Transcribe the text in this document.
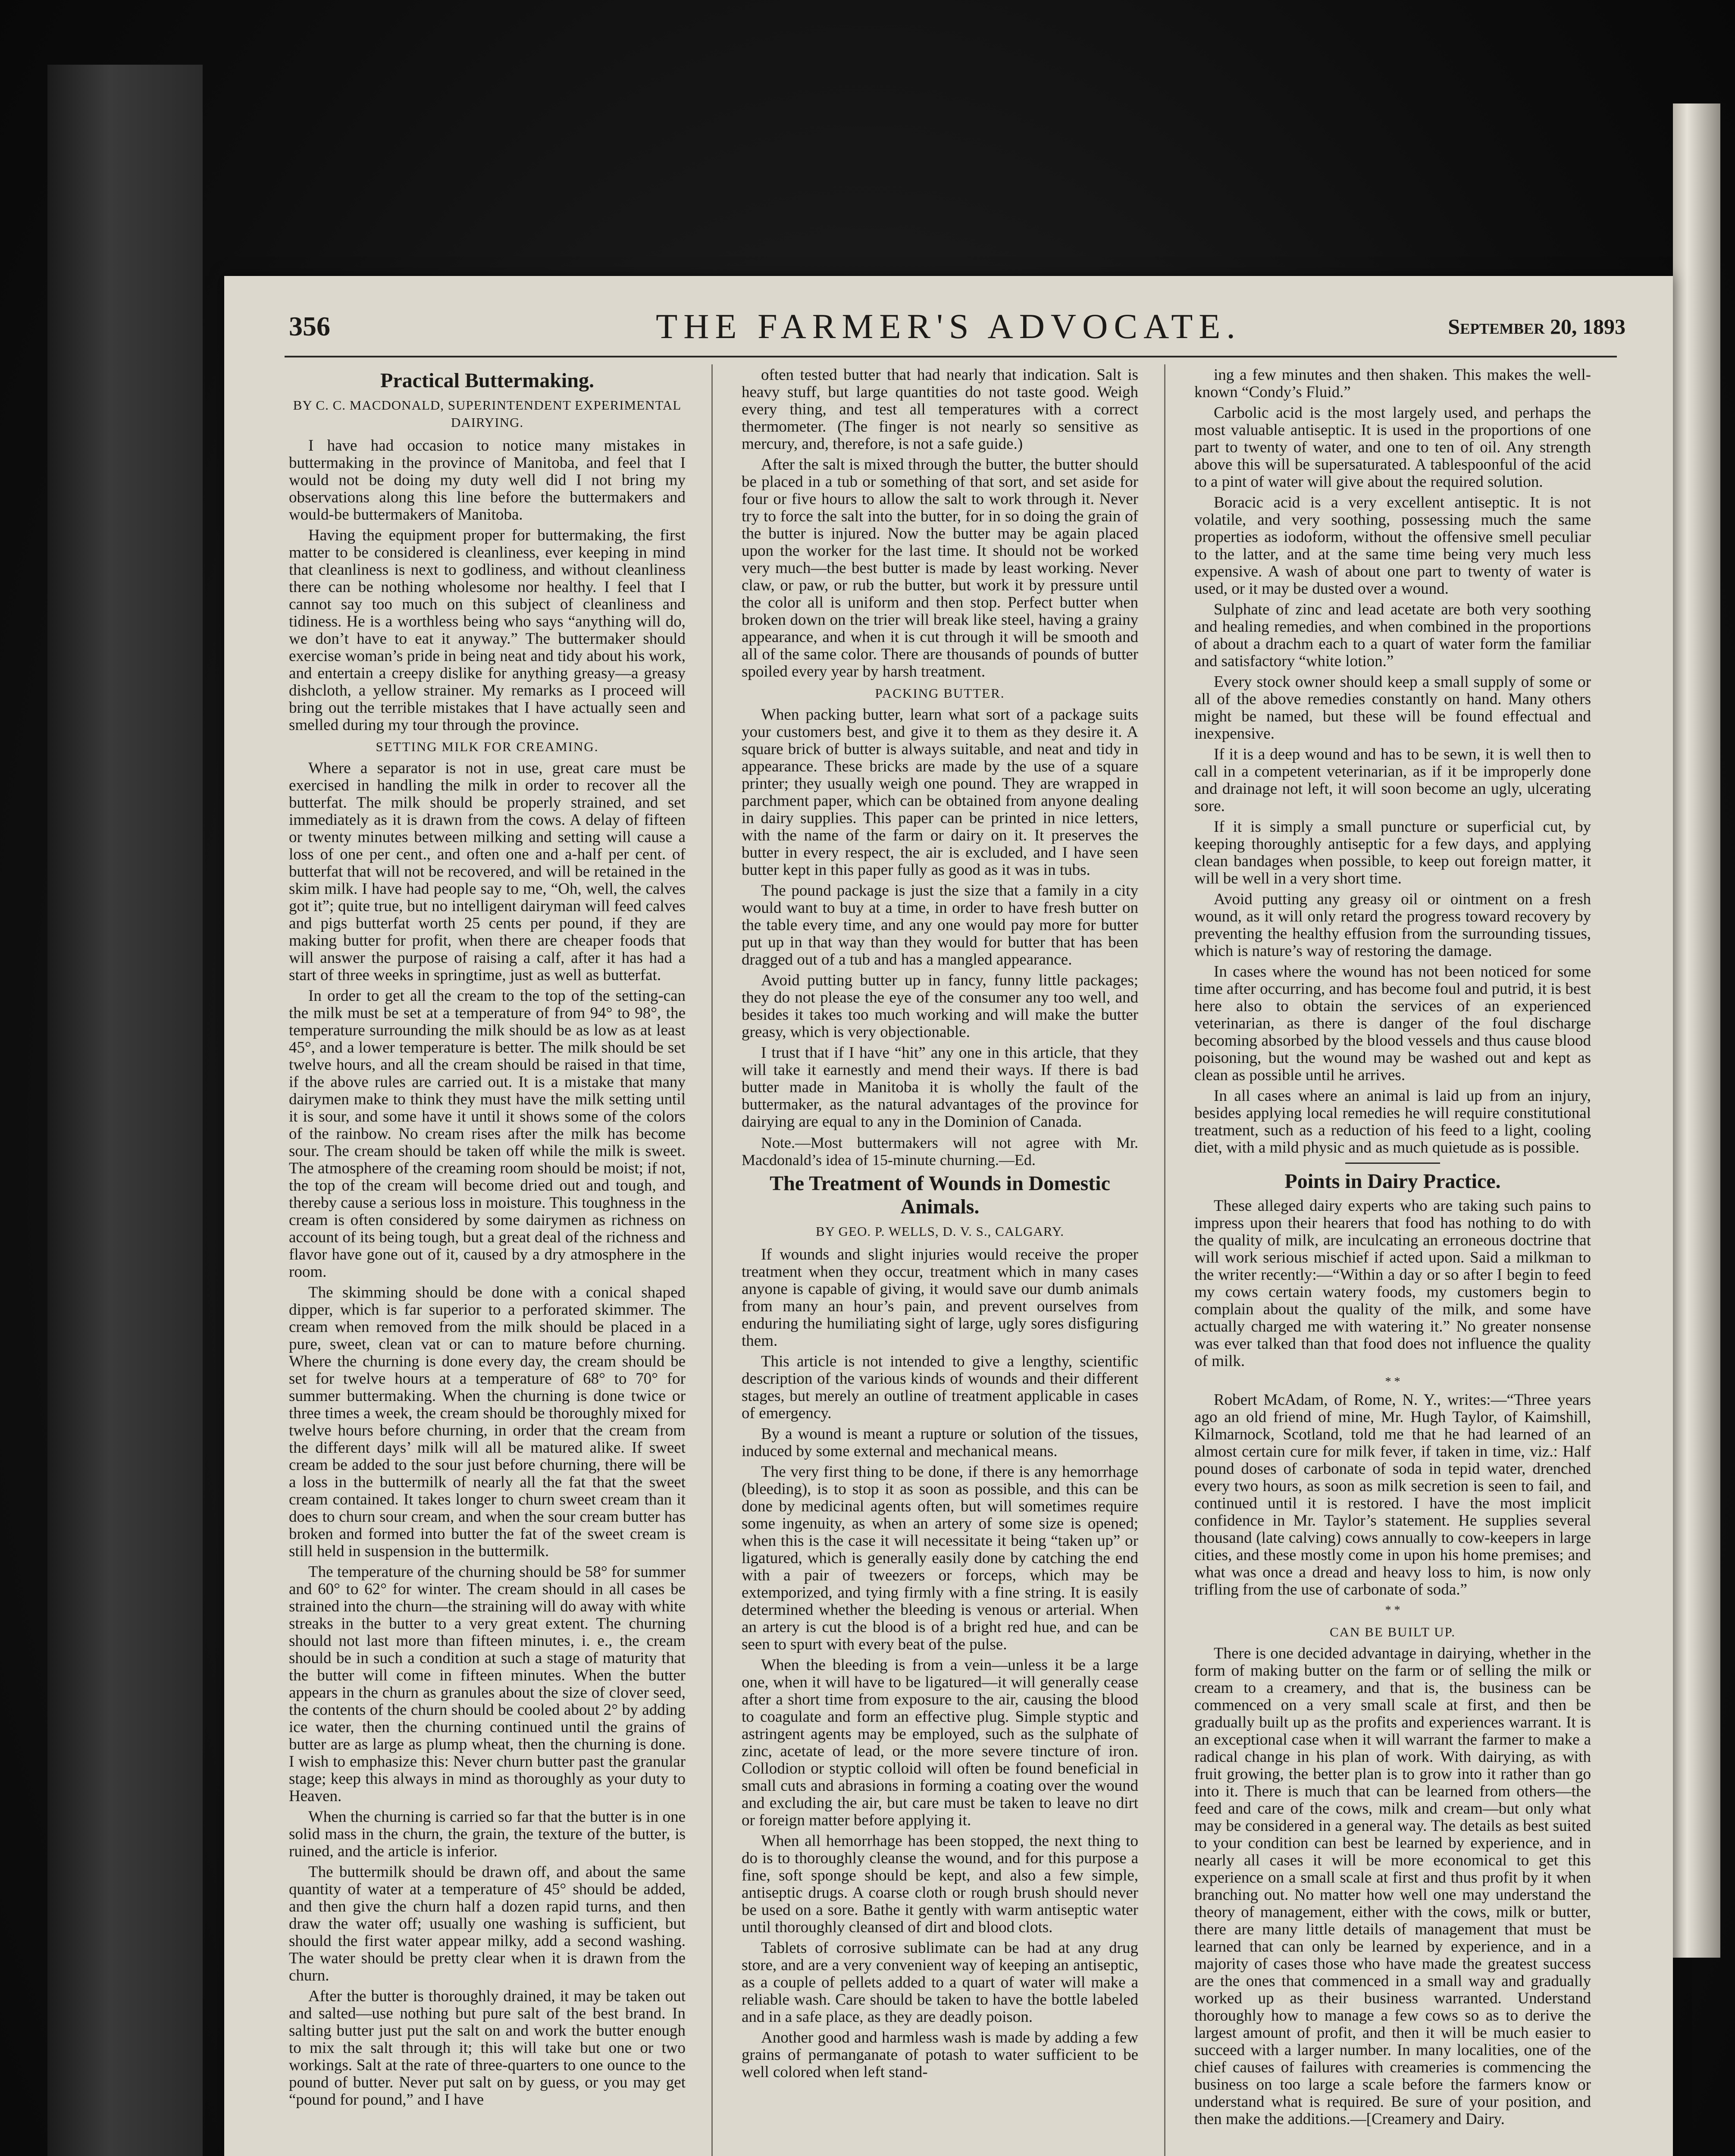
356	THE FARMER'S ADVOCATE.	September 20, 1893
Practical Buttermaking.
BY C. C. MACDONALD, SUPERINTENDENT EXPERIMENTAL DAIRYING.

I have had occasion to notice many mistakes in buttermaking in the province of Manitoba, and feel that I would not be doing my duty well did I not bring my observations along this line before the buttermakers and would-be buttermakers of Manitoba.

Having the equipment proper for buttermaking, the first matter to be considered is cleanliness, ever keeping in mind that cleanliness is next to godliness, and without cleanliness there can be nothing wholesome nor healthy. I feel that I cannot say too much on this subject of cleanliness and tidiness. He is a worthless being who says “anything will do, we don’t have to eat it anyway.” The buttermaker should exercise woman’s pride in being neat and tidy about his work, and entertain a creepy dislike for anything greasy—a greasy dishcloth, a yellow strainer. My remarks as I proceed will bring out the terrible mistakes that I have actually seen and smelled during my tour through the province.

SETTING MILK FOR CREAMING.

Where a separator is not in use, great care must be exercised in handling the milk in order to recover all the butterfat. The milk should be properly strained, and set immediately as it is drawn from the cows. A delay of fifteen or twenty minutes between milking and setting will cause a loss of one per cent., and often one and a-half per cent. of butterfat that will not be recovered, and will be retained in the skim milk. I have had people say to me, “Oh, well, the calves got it”; quite true, but no intelligent dairyman will feed calves and pigs butterfat worth 25 cents per pound, if they are making butter for profit, when there are cheaper foods that will answer the purpose of raising a calf, after it has had a start of three weeks in springtime, just as well as butterfat.

In order to get all the cream to the top of the setting-can the milk must be set at a temperature of from 94° to 98°, the temperature surrounding the milk should be as low as at least 45°, and a lower temperature is better. The milk should be set twelve hours, and all the cream should be raised in that time, if the above rules are carried out. It is a mistake that many dairymen make to think they must have the milk setting until it is sour, and some have it until it shows some of the colors of the rainbow. No cream rises after the milk has become sour. The cream should be taken off while the milk is sweet. The atmosphere of the creaming room should be moist; if not, the top of the cream will become dried out and tough, and thereby cause a serious loss in moisture. This toughness in the cream is often considered by some dairymen as richness on account of its being tough, but a great deal of the richness and flavor have gone out of it, caused by a dry atmosphere in the room.

The skimming should be done with a conical shaped dipper, which is far superior to a perforated skimmer. The cream when removed from the milk should be placed in a pure, sweet, clean vat or can to mature before churning. Where the churning is done every day, the cream should be set for twelve hours at a temperature of 68° to 70° for summer buttermaking. When the churning is done twice or three times a week, the cream should be thoroughly mixed for twelve hours before churning, in order that the cream from the different days’ milk will all be matured alike. If sweet cream be added to the sour just before churning, there will be a loss in the buttermilk of nearly all the fat that the sweet cream contained. It takes longer to churn sweet cream than it does to churn sour cream, and when the sour cream butter has broken and formed into butter the fat of the sweet cream is still held in suspension in the buttermilk.

The temperature of the churning should be 58° for summer and 60° to 62° for winter. The cream should in all cases be strained into the churn—the straining will do away with white streaks in the butter to a very great extent. The churning should not last more than fifteen minutes, i. e., the cream should be in such a condition at such a stage of maturity that the butter will come in fifteen minutes. When the butter appears in the churn as granules about the size of clover seed, the contents of the churn should be cooled about 2° by adding ice water, then the churning continued until the grains of butter are as large as plump wheat, then the churning is done. I wish to emphasize this: Never churn butter past the granular stage; keep this always in mind as thoroughly as your duty to Heaven.

When the churning is carried so far that the butter is in one solid mass in the churn, the grain, the texture of the butter, is ruined, and the article is inferior.

The buttermilk should be drawn off, and about the same quantity of water at a temperature of 45° should be added, and then give the churn half a dozen rapid turns, and then draw the water off; usually one washing is sufficient, but should the first water appear milky, add a second washing. The water should be pretty clear when it is drawn from the churn.

After the butter is thoroughly drained, it may be taken out and salted—use nothing but pure salt of the best brand. In salting butter just put the salt on and work the butter enough to mix the salt through it; this will take but one or two workings. Salt at the rate of three-quarters to one ounce to the pound of butter. Never put salt on by guess, or you may get “pound for pound,” and I have

often tested butter that had nearly that indication. Salt is heavy stuff, but large quantities do not taste good. Weigh every thing, and test all temperatures with a correct thermometer. (The finger is not nearly so sensitive as mercury, and, therefore, is not a safe guide.)

After the salt is mixed through the butter, the butter should be placed in a tub or something of that sort, and set aside for four or five hours to allow the salt to work through it. Never try to force the salt into the butter, for in so doing the grain of the butter is injured. Now the butter may be again placed upon the worker for the last time. It should not be worked very much—the best butter is made by least working. Never claw, or paw, or rub the butter, but work it by pressure until the color all is uniform and then stop. Perfect butter when broken down on the trier will break like steel, having a grainy appearance, and when it is cut through it will be smooth and all of the same color. There are thousands of pounds of butter spoiled every year by harsh treatment.

PACKING BUTTER.

When packing butter, learn what sort of a package suits your customers best, and give it to them as they desire it. A square brick of butter is always suitable, and neat and tidy in appearance. These bricks are made by the use of a square printer; they usually weigh one pound. They are wrapped in parchment paper, which can be obtained from anyone dealing in dairy supplies. This paper can be printed in nice letters, with the name of the farm or dairy on it. It preserves the butter in every respect, the air is excluded, and I have seen butter kept in this paper fully as good as it was in tubs.

The pound package is just the size that a family in a city would want to buy at a time, in order to have fresh butter on the table every time, and any one would pay more for butter put up in that way than they would for butter that has been dragged out of a tub and has a mangled appearance.

Avoid putting butter up in fancy, funny little packages; they do not please the eye of the consumer any too well, and besides it takes too much working and will make the butter greasy, which is very objectionable.

I trust that if I have “hit” any one in this article, that they will take it earnestly and mend their ways. If there is bad butter made in Manitoba it is wholly the fault of the buttermaker, as the natural advantages of the province for dairying are equal to any in the Dominion of Canada.

Note.—Most buttermakers will not agree with Mr. Macdonald’s idea of 15-minute churning.—Ed.

The Treatment of Wounds in Domestic Animals.
BY GEO. P. WELLS, D. V. S., CALGARY.

If wounds and slight injuries would receive the proper treatment when they occur, treatment which in many cases anyone is capable of giving, it would save our dumb animals from many an hour’s pain, and prevent ourselves from enduring the humiliating sight of large, ugly sores disfiguring them.

This article is not intended to give a lengthy, scientific description of the various kinds of wounds and their different stages, but merely an outline of treatment applicable in cases of emergency.

By a wound is meant a rupture or solution of the tissues, induced by some external and mechanical means.

The very first thing to be done, if there is any hemorrhage (bleeding), is to stop it as soon as possible, and this can be done by medicinal agents often, but will sometimes require some ingenuity, as when an artery of some size is opened; when this is the case it will necessitate it being “taken up” or ligatured, which is generally easily done by catching the end with a pair of tweezers or forceps, which may be extemporized, and tying firmly with a fine string. It is easily determined whether the bleeding is venous or arterial. When an artery is cut the blood is of a bright red hue, and can be seen to spurt with every beat of the pulse.

When the bleeding is from a vein—unless it be a large one, when it will have to be ligatured—it will generally cease after a short time from exposure to the air, causing the blood to coagulate and form an effective plug. Simple styptic and astringent agents may be employed, such as the sulphate of zinc, acetate of lead, or the more severe tincture of iron. Collodion or styptic colloid will often be found beneficial in small cuts and abrasions in forming a coating over the wound and excluding the air, but care must be taken to leave no dirt or foreign matter before applying it.

When all hemorrhage has been stopped, the next thing to do is to thoroughly cleanse the wound, and for this purpose a fine, soft sponge should be kept, and also a few simple, antiseptic drugs. A coarse cloth or rough brush should never be used on a sore. Bathe it gently with warm antiseptic water until thoroughly cleansed of dirt and blood clots.

Tablets of corrosive sublimate can be had at any drug store, and are a very convenient way of keeping an antiseptic, as a couple of pellets added to a quart of water will make a reliable wash. Care should be taken to have the bottle labeled and in a safe place, as they are deadly poison.

Another good and harmless wash is made by adding a few grains of permanganate of potash to water sufficient to be well colored when left stand-

ing a few minutes and then shaken. This makes the well-known “Condy’s Fluid.”

Carbolic acid is the most largely used, and perhaps the most valuable antiseptic. It is used in the proportions of one part to twenty of water, and one to ten of oil. Any strength above this will be supersaturated. A tablespoonful of the acid to a pint of water will give about the required solution.

Boracic acid is a very excellent antiseptic. It is not volatile, and very soothing, possessing much the same properties as iodoform, without the offensive smell peculiar to the latter, and at the same time being very much less expensive. A wash of about one part to twenty of water is used, or it may be dusted over a wound.

Sulphate of zinc and lead acetate are both very soothing and healing remedies, and when combined in the proportions of about a drachm each to a quart of water form the familiar and satisfactory “white lotion.”

Every stock owner should keep a small supply of some or all of the above remedies constantly on hand. Many others might be named, but these will be found effectual and inexpensive.

If it is a deep wound and has to be sewn, it is well then to call in a competent veterinarian, as if it be improperly done and drainage not left, it will soon become an ugly, ulcerating sore.

If it is simply a small puncture or superficial cut, by keeping thoroughly antiseptic for a few days, and applying clean bandages when possible, to keep out foreign matter, it will be well in a very short time.

Avoid putting any greasy oil or ointment on a fresh wound, as it will only retard the progress toward recovery by preventing the healthy effusion from the surrounding tissues, which is nature’s way of restoring the damage.

In cases where the wound has not been noticed for some time after occurring, and has become foul and putrid, it is best here also to obtain the services of an experienced veterinarian, as there is danger of the foul discharge becoming absorbed by the blood vessels and thus cause blood poisoning, but the wound may be washed out and kept as clean as possible until he arrives.

In all cases where an animal is laid up from an injury, besides applying local remedies he will require constitutional treatment, such as a reduction of his feed to a light, cooling diet, with a mild physic and as much quietude as is possible.

Points in Dairy Practice.

These alleged dairy experts who are taking such pains to impress upon their hearers that food has nothing to do with the quality of milk, are inculcating an erroneous doctrine that will work serious mischief if acted upon. Said a milkman to the writer recently:—“Within a day or so after I begin to feed my cows certain watery foods, my customers begin to complain about the quality of the milk, and some have actually charged me with watering it.” No greater nonsense was ever talked than that food does not influence the quality of milk.

* *

Robert McAdam, of Rome, N. Y., writes:—“Three years ago an old friend of mine, Mr. Hugh Taylor, of Kaimshill, Kilmarnock, Scotland, told me that he had learned of an almost certain cure for milk fever, if taken in time, viz.: Half pound doses of carbonate of soda in tepid water, drenched every two hours, as soon as milk secretion is seen to fail, and continued until it is restored. I have the most implicit confidence in Mr. Taylor’s statement. He supplies several thousand (late calving) cows annually to cow-keepers in large cities, and these mostly come in upon his home premises; and what was once a dread and heavy loss to him, is now only trifling from the use of carbonate of soda.”

* *
CAN BE BUILT UP.

There is one decided advantage in dairying, whether in the form of making butter on the farm or of selling the milk or cream to a creamery, and that is, the business can be commenced on a very small scale at first, and then be gradually built up as the profits and experiences warrant. It is an exceptional case when it will warrant the farmer to make a radical change in his plan of work. With dairying, as with fruit growing, the better plan is to grow into it rather than go into it. There is much that can be learned from others—the feed and care of the cows, milk and cream—but only what may be considered in a general way. The details as best suited to your condition can best be learned by experience, and in nearly all cases it will be more economical to get this experience on a small scale at first and thus profit by it when branching out. No matter how well one may understand the theory of management, either with the cows, milk or butter, there are many little details of management that must be learned that can only be learned by experience, and in a majority of cases those who have made the greatest success are the ones that commenced in a small way and gradually worked up as their business warranted. Understand thoroughly how to manage a few cows so as to derive the largest amount of profit, and then it will be much easier to succeed with a larger number. In many localities, one of the chief causes of failures with creameries is commencing the business on too large a scale before the farmers know or understand what is required. Be sure of your position, and then make the additions.—[Creamery and Dairy.
